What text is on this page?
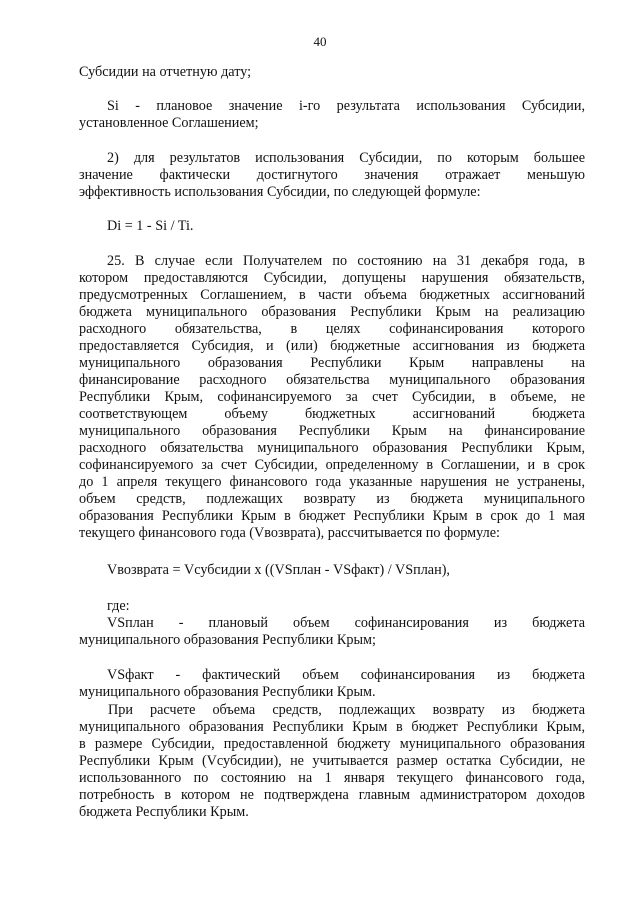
40
Субсидии на отчетную дату;
Si - плановое значение i-го результата использования Субсидии,
установленное Соглашением;
2) для результатов использования Субсидии, по которым большее
значение фактически достигнутого значения отражает меньшую
эффективность использования Субсидии, по следующей формуле:
Di = 1 - Si / Ti.
25. В случае если Получателем по состоянию на 31 декабря года, в
котором предоставляются Субсидии, допущены нарушения обязательств,
предусмотренных Соглашением, в части объема бюджетных ассигнований
бюджета муниципального образования Республики Крым на реализацию
расходного обязательства, в целях софинансирования которого
предоставляется Субсидия, и (или) бюджетные ассигнования из бюджета
муниципального образования Республики Крым направлены на
финансирование расходного обязательства муниципального образования
Республики Крым, софинансируемого за счет Субсидии, в объеме, не
соответствующем объему бюджетных ассигнований бюджета
муниципального образования Республики Крым на финансирование
расходного обязательства муниципального образования Республики Крым,
софинансируемого за счет Субсидии, определенному в Соглашении, и в срок
до 1 апреля текущего финансового года указанные нарушения не устранены,
объем средств, подлежащих возврату из бюджета муниципального
образования Республики Крым в бюджет Республики Крым в срок до 1 мая
текущего финансового года (Vвозврата), рассчитывается по формуле:
Vвозврата = Vсубсидии x ((VSплан - VSфакт) / VSплан),
где:
VSплан - плановый объем софинансирования из бюджета
муниципального образования Республики Крым;
VSфакт - фактический объем софинансирования из бюджета
муниципального образования Республики Крым.
При расчете объема средств, подлежащих возврату из бюджета
муниципального образования Республики Крым в бюджет Республики Крым,
в размере Субсидии, предоставленной бюджету муниципального образования
Республики Крым (Vсубсидии), не учитывается размер остатка Субсидии, не
использованного по состоянию на 1 января текущего финансового года,
потребность в котором не подтверждена главным администратором доходов
бюджета Республики Крым.
